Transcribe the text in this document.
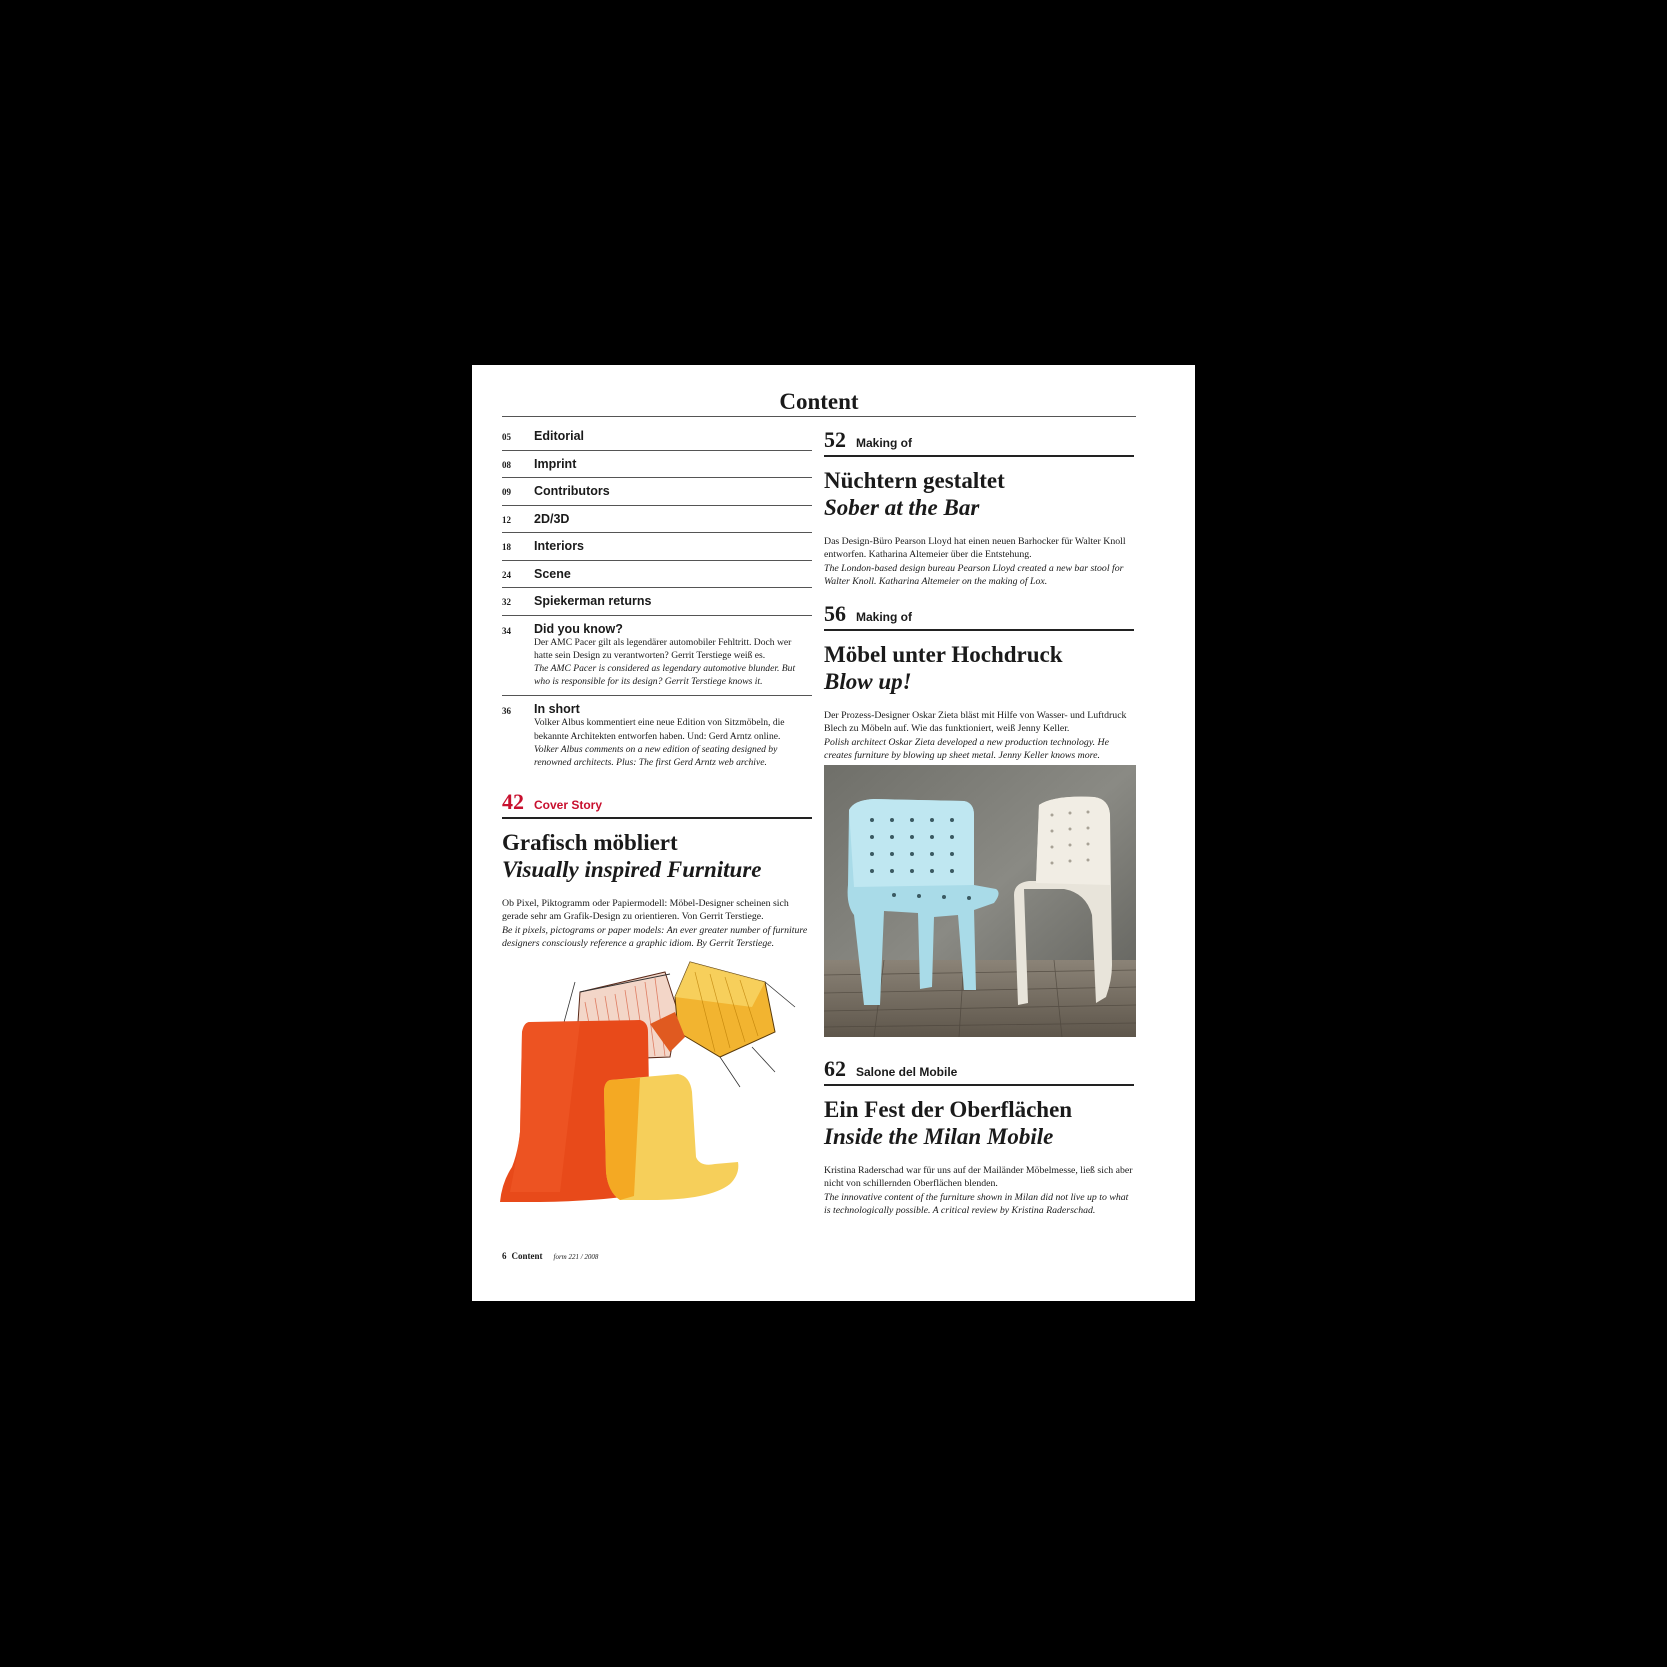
Content
05 Editorial
08 Imprint
09 Contributors
12 2D/3D
18 Interiors
24 Scene
32 Spiekerman returns
34 Did you know?
Der AMC Pacer gilt als legendärer automobiler Fehltritt. Doch wer hatte sein Design zu verantworten? Gerrit Terstiege weiß es.
The AMC Pacer is considered as legendary automotive blunder. But who is responsible for its design? Gerrit Terstiege knows it.
36 In short
Volker Albus kommentiert eine neue Edition von Sitzmöbeln, die bekannte Architekten entworfen haben. Und: Gerd Arntz online.
Volker Albus comments on a new edition of seating designed by renowned architects. Plus: The first Gerd Arntz web archive.
42 Cover Story
Grafisch möbliert
Visually inspired Furniture
Ob Pixel, Piktogramm oder Papiermodell: Möbel-Designer scheinen sich gerade sehr am Grafik-Design zu orientieren. Von Gerrit Terstiege.
Be it pixels, pictograms or paper models: An ever greater number of furniture designers consciously reference a graphic idiom. By Gerrit Terstiege.
52 Making of
Nüchtern gestaltet
Sober at the Bar
Das Design-Büro Pearson Lloyd hat einen neuen Barhocker für Walter Knoll entworfen. Katharina Altemeier über die Entstehung.
The London-based design bureau Pearson Lloyd created a new bar stool for Walter Knoll. Katharina Altemeier on the making of Lox.
56 Making of
Möbel unter Hochdruck
Blow up!
Der Prozess-Designer Oskar Zieta bläst mit Hilfe von Wasser- und Luftdruck Blech zu Möbeln auf. Wie das funktioniert, weiß Jenny Keller.
Polish architect Oskar Zieta developed a new production technology. He creates furniture by blowing up sheet metal. Jenny Keller knows more.
62 Salone del Mobile
Ein Fest der Oberflächen
Inside the Milan Mobile
Kristina Raderschad war für uns auf der Mailänder Möbelmesse, ließ sich aber nicht von schillernden Oberflächen blenden.
The innovative content of the furniture shown in Milan did not live up to what is technologically possible. A critical review by Kristina Raderschad.
6 Content form 221 / 2008
